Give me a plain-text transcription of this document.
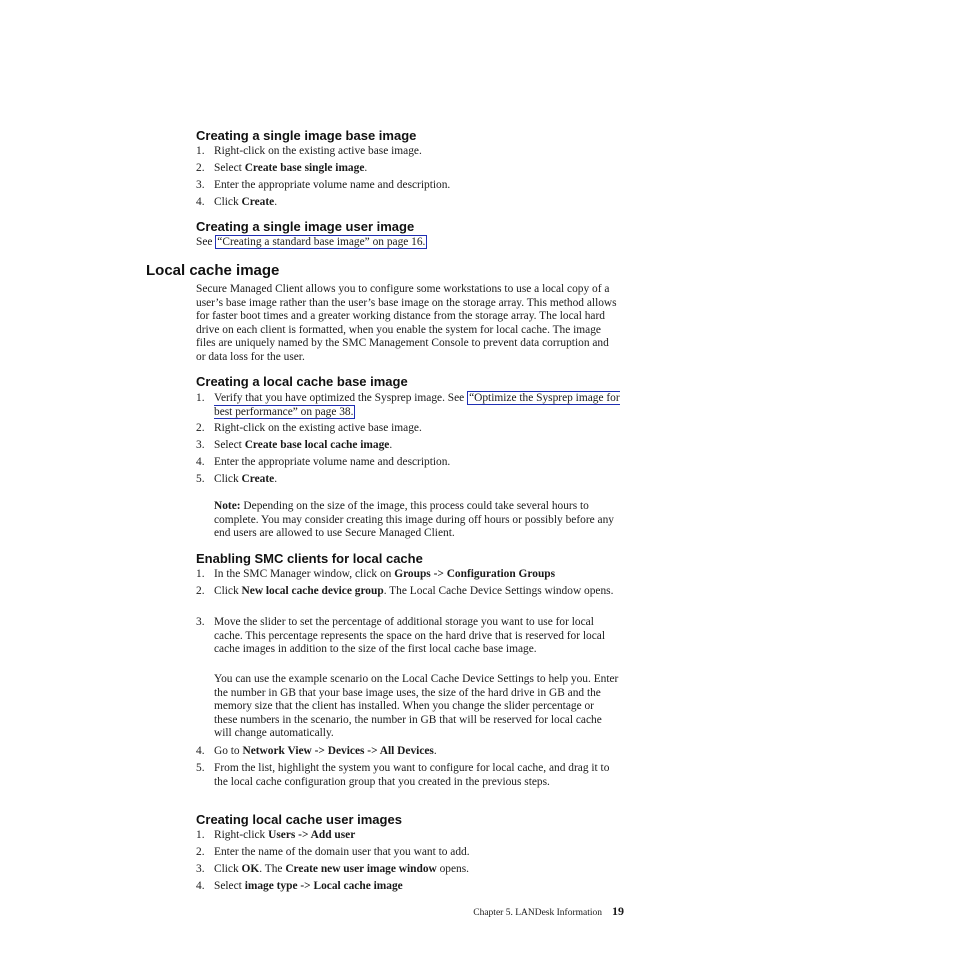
Creating a single image base image
1. Right-click on the existing active base image.
2. Select Create base single image.
3. Enter the appropriate volume name and description.
4. Click Create.
Creating a single image user image
See “Creating a standard base image” on page 16.
Local cache image
Secure Managed Client allows you to configure some workstations to use a local copy of a user’s base image rather than the user’s base image on the storage array. This method allows for faster boot times and a greater working distance from the storage array. The local hard drive on each client is formatted, when you enable the system for local cache. The image files are uniquely named by the SMC Management Console to prevent data corruption and or data loss for the user.
Creating a local cache base image
1. Verify that you have optimized the Sysprep image. See “Optimize the Sysprep image for best performance” on page 38.
2. Right-click on the existing active base image.
3. Select Create base local cache image.
4. Enter the appropriate volume name and description.
5. Click Create.
Note: Depending on the size of the image, this process could take several hours to complete. You may consider creating this image during off hours or possibly before any end users are allowed to use Secure Managed Client.
Enabling SMC clients for local cache
1. In the SMC Manager window, click on Groups -> Configuration Groups
2. Click New local cache device group. The Local Cache Device Settings window opens.
3. Move the slider to set the percentage of additional storage you want to use for local cache. This percentage represents the space on the hard drive that is reserved for local cache images in addition to the size of the first local cache base image.
You can use the example scenario on the Local Cache Device Settings to help you. Enter the number in GB that your base image uses, the size of the hard drive in GB and the memory size that the client has installed. When you change the slider percentage or these numbers in the scenario, the number in GB that will be reserved for local cache will change automatically.
4. Go to Network View -> Devices -> All Devices.
5. From the list, highlight the system you want to configure for local cache, and drag it to the local cache configuration group that you created in the previous steps.
Creating local cache user images
1. Right-click Users -> Add user
2. Enter the name of the domain user that you want to add.
3. Click OK. The Create new user image window opens.
4. Select image type -> Local cache image
Chapter 5. LANDesk Information 19
